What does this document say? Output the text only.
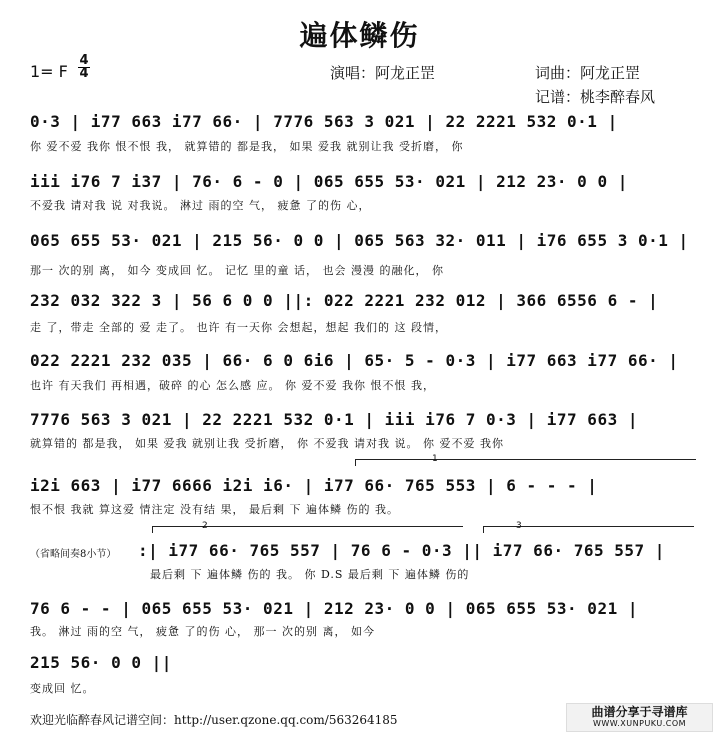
遍体鳞伤
1= F
4
4	演唱：阿龙正罡	词曲：阿龙正罡
记谱：桃李醉春风
0·3 | i77 663 i77 66· | 7776 563 3 021 | 22 2221 532 0·1 |
你 爱不爱 我你 恨不恨 我， 就算错的 都是我， 如果 爱我 就别让我 受折磨， 你
iii i76 7 i37 | 76· 6 - 0 | 065 655 53· 021 | 212 23· 0 0 |
不爱我 请对我 说 对我说。 淋过 雨的空 气， 疲惫 了的伤 心，
065 655 53· 021 | 215 56· 0 0 | 065 563 32· 011 | i76 655 3 0·1 |
那一 次的别 离， 如今 变成回 忆。 记忆 里的童 话， 也会 漫漫 的融化， 你
232 032 322 3 | 56 6 0 0 ||: 022 2221 232 012 | 366 6556 6 - |
走 了，带走 全部的 爱 走了。 也许 有一天你 会想起，想起 我们的 这 段情，
022 2221 232 035 | 66· 6 0 6i6 | 65· 5 - 0·3 | i77 663 i77 66· |
也许 有天我们 再相遇，破碎 的心 怎么感 应。 你 爱不爱 我你 恨不恨 我，
7776 563 3 021 | 22 2221 532 0·1 | iii i76 7 0·3 | i77 663 |
就算错的 都是我， 如果 爱我 就别让我 受折磨， 你 不爱我 请对我 说。 你 爱不爱 我你
1
i2i 663 | i77 6666 i2i i6· | i77 66· 765 553 | 6 - - - |
恨不恨 我就 算这爱 情注定 没有结 果， 最后剩 下 遍体鳞 伤的 我。
2	3
（省略间奏8小节） :| i77 66· 765 557 | 76 6 - 0·3 || i77 66· 765 557 |
最后剩 下 遍体鳞 伤的 我。 你 D.S 最后剩 下 遍体鳞 伤的
76 6 - - | 065 655 53· 021 | 212 23· 0 0 | 065 655 53· 021 |
我。 淋过 雨的空 气， 疲惫 了的伤 心， 那一 次的别 离， 如今
215 56· 0 0 ||
变成回 忆。
欢迎光临醉春风记谱空间：http://user.qzone.qq.com/563264185
曲谱分享于寻谱库
WWW.XUNPUKU.COM
